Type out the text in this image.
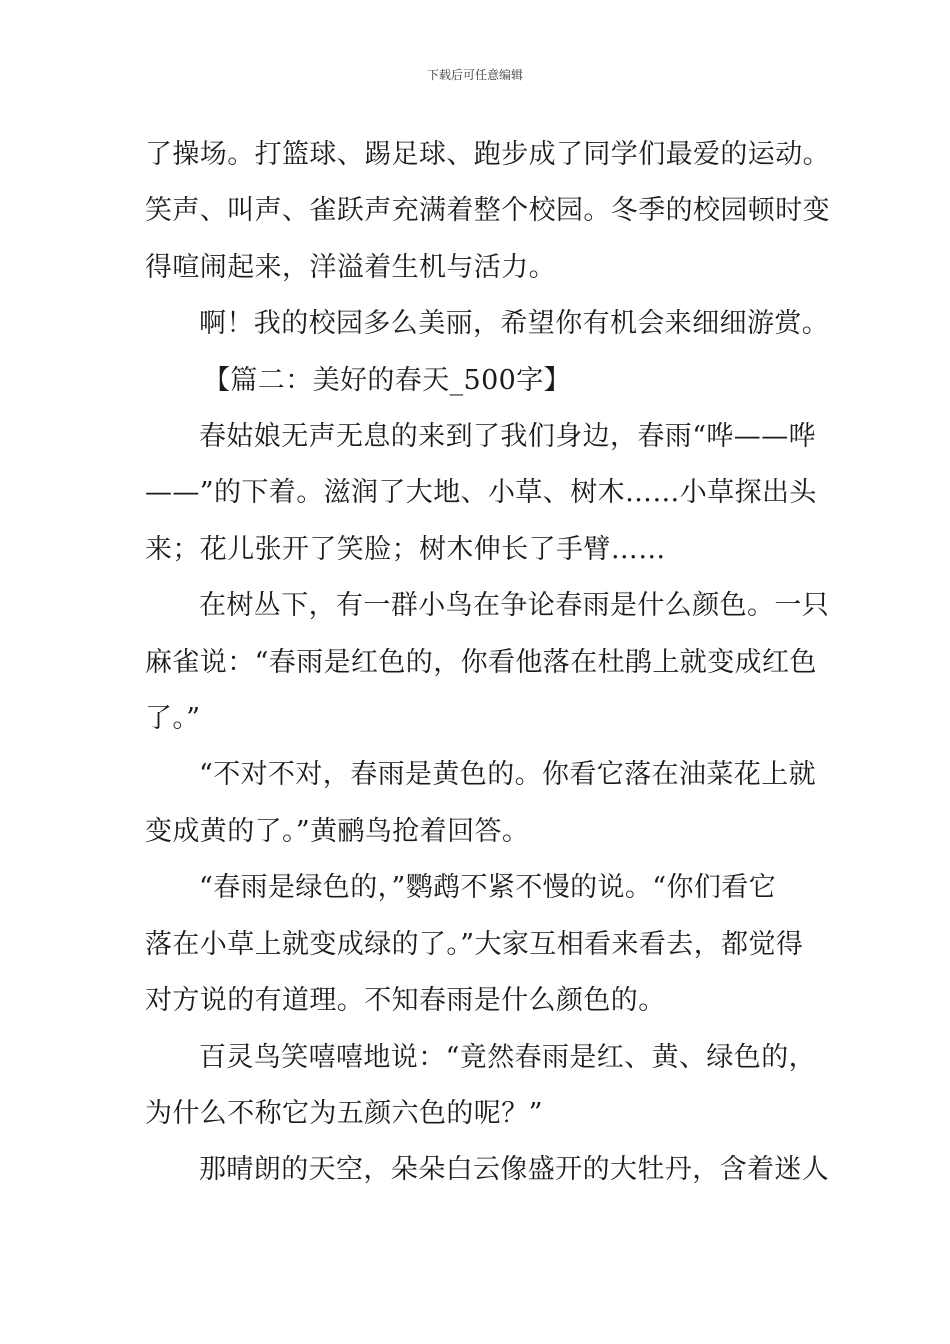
下载后可任意编辑
了操场。打篮球、踢足球、跑步成了同学们最爱的运动。
笑声、叫声、雀跃声充满着整个校园。冬季的校园顿时变
得喧闹起来，洋溢着生机与活力。
啊！我的校园多么美丽，希望你有机会来细细游赏。
【篇二：美好的春天_500字】
春姑娘无声无息的来到了我们身边，春雨“哗——哗
——”的下着。滋润了大地、小草、树木……小草探出头
来；花儿张开了笑脸；树木伸长了手臂……
在树丛下，有一群小鸟在争论春雨是什么颜色。一只
麻雀说：“春雨是红色的，你看他落在杜鹃上就变成红色
了。”
“不对不对，春雨是黄色的。你看它落在油菜花上就
变成黄的了。”黄鹂鸟抢着回答。
“春雨是绿色的，”鹦鹉不紧不慢的说。“你们看它
落在小草上就变成绿的了。”大家互相看来看去，都觉得
对方说的有道理。不知春雨是什么颜色的。
百灵鸟笑嘻嘻地说：“竟然春雨是红、黄、绿色的，
为什么不称它为五颜六色的呢？”
那晴朗的天空，朵朵白云像盛开的大牡丹，含着迷人
